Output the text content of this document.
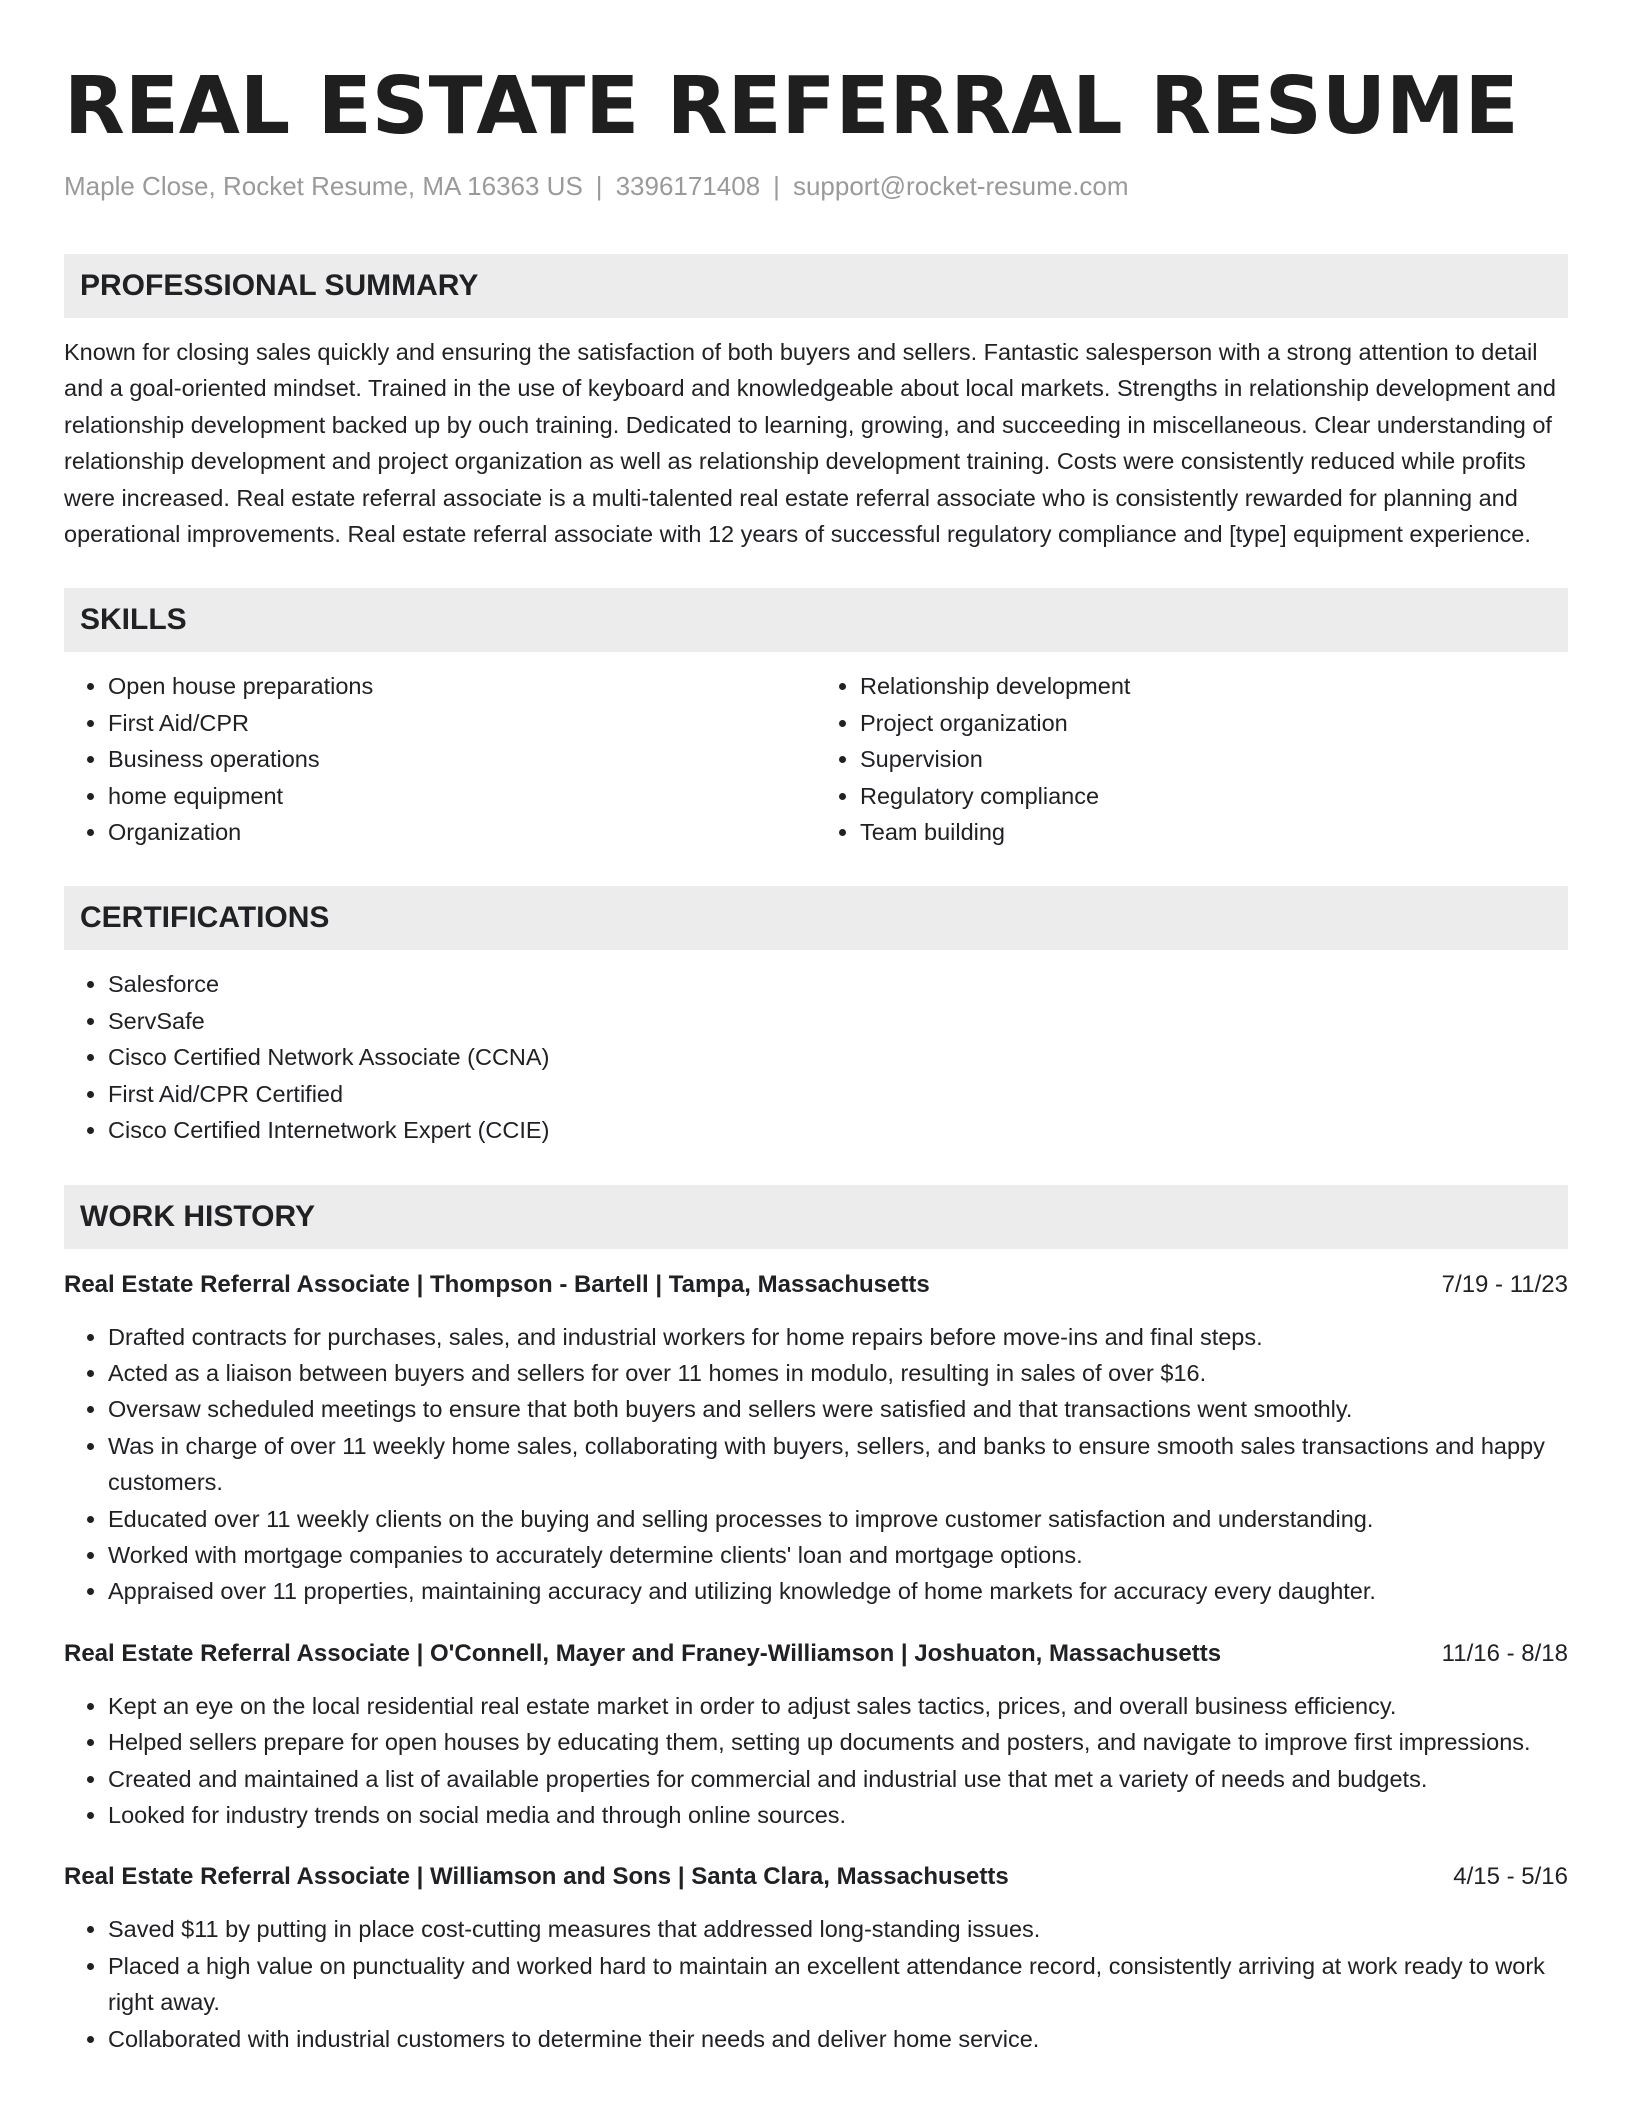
REAL ESTATE REFERRAL RESUME
Maple Close, Rocket Resume, MA 16363 US | 3396171408 | support@rocket-resume.com
PROFESSIONAL SUMMARY

Known for closing sales quickly and ensuring the satisfaction of both buyers and sellers. Fantastic salesperson with a strong attention to detail and a goal-oriented mindset. Trained in the use of keyboard and knowledgeable about local markets. Strengths in relationship development and relationship development backed up by ouch training. Dedicated to learning, growing, and succeeding in miscellaneous. Clear understanding of relationship development and project organization as well as relationship development training. Costs were consistently reduced while profits were increased. Real estate referral associate is a multi-talented real estate referral associate who is consistently rewarded for planning and operational improvements. Real estate referral associate with 12 years of successful regulatory compliance and [type] equipment experience.

SKILLS
• Open house preparations
• First Aid/CPR
• Business operations
• home equipment
• Organization
• Relationship development
• Project organization
• Supervision
• Regulatory compliance
• Team building
CERTIFICATIONS
• Salesforce
• ServSafe
• Cisco Certified Network Associate (CCNA)
• First Aid/CPR Certified
• Cisco Certified Internetwork Expert (CCIE)
WORK HISTORY
Real Estate Referral Associate | Thompson - Bartell | Tampa, Massachusetts	7/19 - 11/23
• Drafted contracts for purchases, sales, and industrial workers for home repairs before move-ins and final steps.
• Acted as a liaison between buyers and sellers for over 11 homes in modulo, resulting in sales of over $16.
• Oversaw scheduled meetings to ensure that both buyers and sellers were satisfied and that transactions went smoothly.
• Was in charge of over 11 weekly home sales, collaborating with buyers, sellers, and banks to ensure smooth sales transactions and happy customers.
• Educated over 11 weekly clients on the buying and selling processes to improve customer satisfaction and understanding.
• Worked with mortgage companies to accurately determine clients' loan and mortgage options.
• Appraised over 11 properties, maintaining accuracy and utilizing knowledge of home markets for accuracy every daughter.
Real Estate Referral Associate | O'Connell, Mayer and Franey-Williamson | Joshuaton, Massachusetts	11/16 - 8/18
• Kept an eye on the local residential real estate market in order to adjust sales tactics, prices, and overall business efficiency.
• Helped sellers prepare for open houses by educating them, setting up documents and posters, and navigate to improve first impressions.
• Created and maintained a list of available properties for commercial and industrial use that met a variety of needs and budgets.
• Looked for industry trends on social media and through online sources.
Real Estate Referral Associate | Williamson and Sons | Santa Clara, Massachusetts	4/15 - 5/16
• Saved $11 by putting in place cost-cutting measures that addressed long-standing issues.
• Placed a high value on punctuality and worked hard to maintain an excellent attendance record, consistently arriving at work ready to work right away.
• Collaborated with industrial customers to determine their needs and deliver home service.
